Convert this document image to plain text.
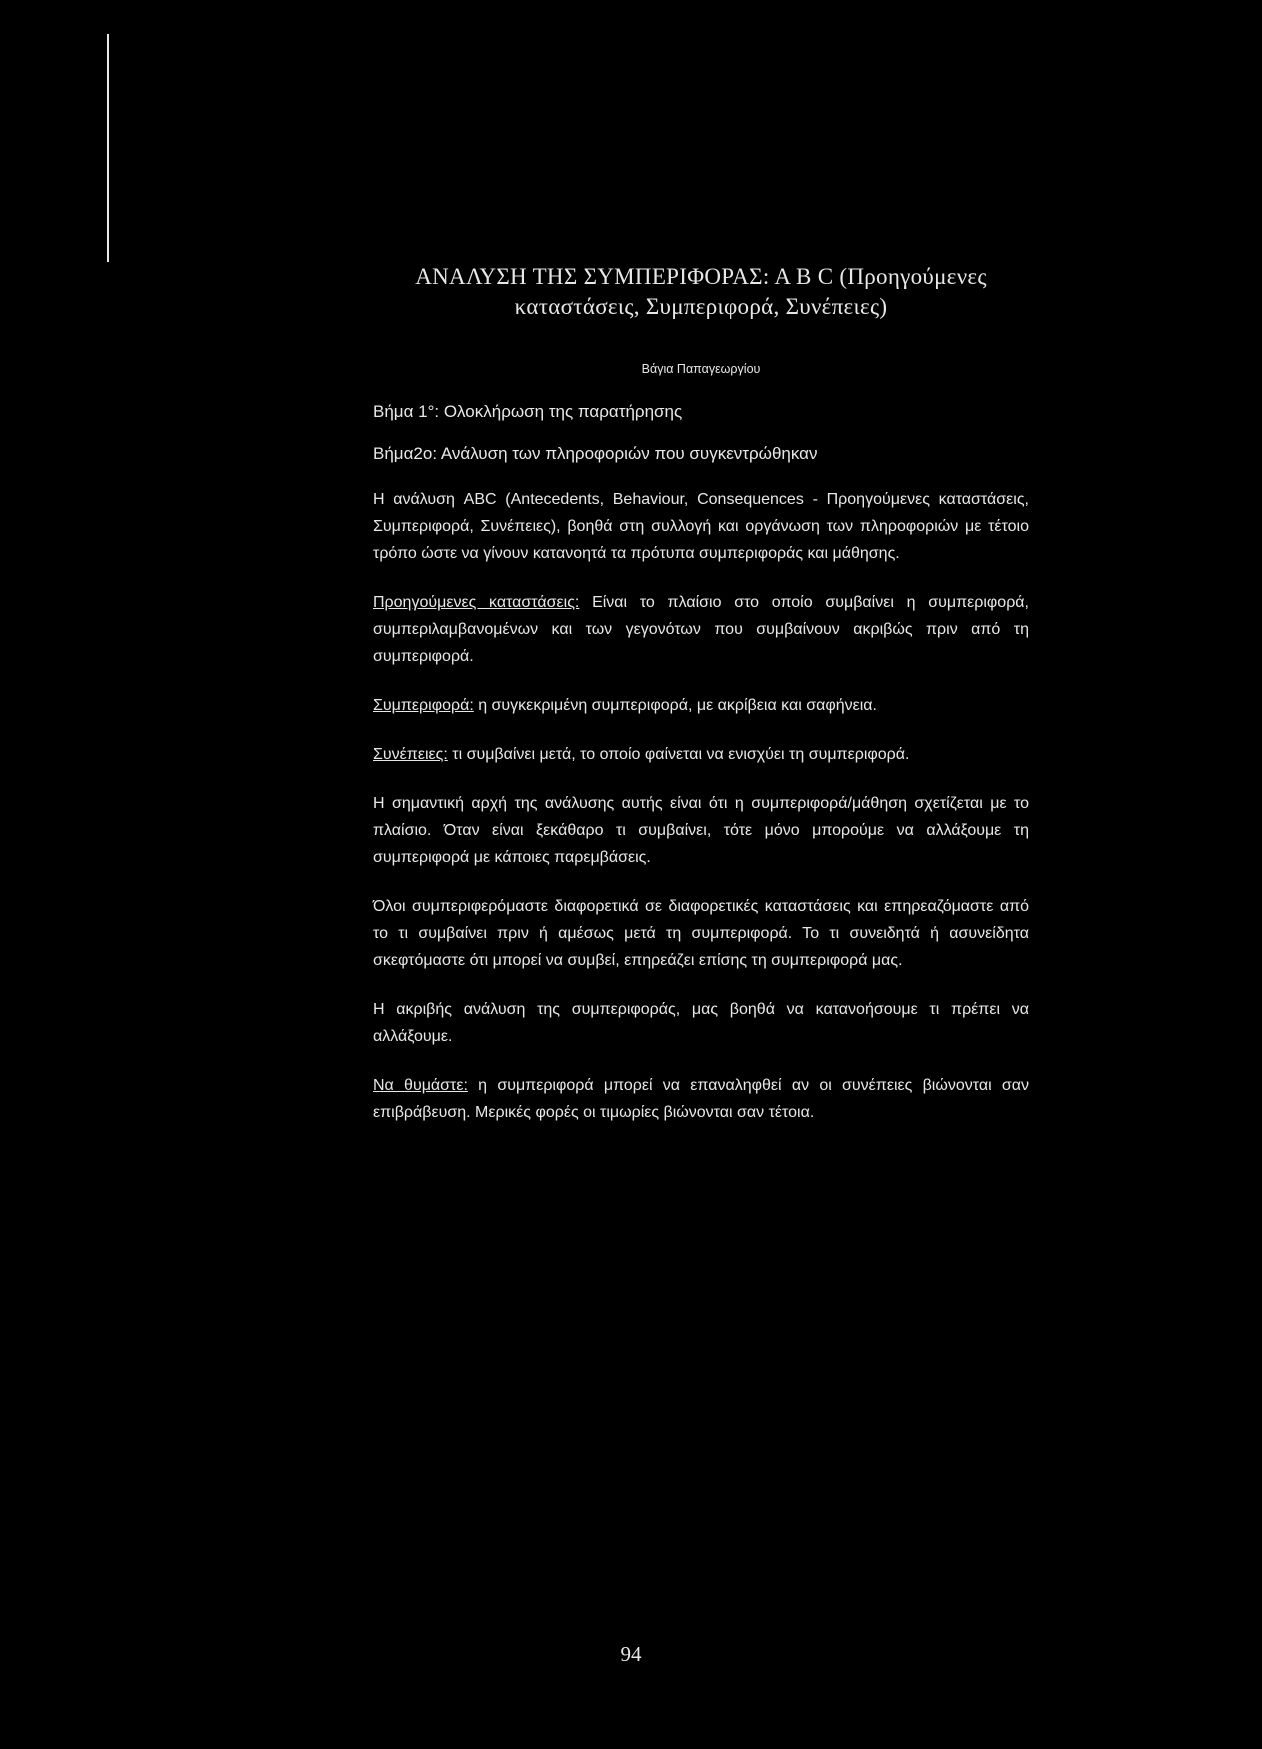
ΑΝΑΛΥΣΗ ΤΗΣ ΣΥΜΠΕΡΙΦΟΡΑΣ: Α Β C (Προηγούμενες καταστάσεις, Συμπεριφορά, Συνέπειες)

Βάγια Παπαγεωργίου

Βήμα 1°: Ολοκλήρωση της παρατήρησης

Βήμα2ο: Ανάλυση των πληροφοριών που συγκεντρώθηκαν

Η ανάλυση ABC (Antecedents, Behaviour, Consequences - Προηγούμενες καταστάσεις, Συμπεριφορά, Συνέπειες), βοηθά στη συλλογή και οργάνωση των πληροφοριών με τέτοιο τρόπο ώστε να γίνουν κατανοητά τα πρότυπα συμπεριφοράς και μάθησης.

Προηγούμενες καταστάσεις: Είναι το πλαίσιο στο οποίο συμβαίνει η συμπεριφορά, συμπεριλαμβανομένων και των γεγονότων που συμβαίνουν ακριβώς πριν από τη συμπεριφορά.

Συμπεριφορά: η συγκεκριμένη συμπεριφορά, με ακρίβεια και σαφήνεια.

Συνέπειες: τι συμβαίνει μετά, το οποίο φαίνεται να ενισχύει τη συμπεριφορά.

Η σημαντική αρχή της ανάλυσης αυτής είναι ότι η συμπεριφορά/μάθηση σχετίζεται με το πλαίσιο. Όταν είναι ξεκάθαρο τι συμβαίνει, τότε μόνο μπορούμε να αλλάξουμε τη συμπεριφορά με κάποιες παρεμβάσεις.

Όλοι συμπεριφερόμαστε διαφορετικά σε διαφορετικές καταστάσεις και επηρεαζόμαστε από το τι συμβαίνει πριν ή αμέσως μετά τη συμπεριφορά. Το τι συνειδητά ή ασυνείδητα σκεφτόμαστε ότι μπορεί να συμβεί, επηρεάζει επίσης τη συμπεριφορά μας.

Η ακριβής ανάλυση της συμπεριφοράς, μας βοηθά να κατανοήσουμε τι πρέπει να αλλάξουμε.

Να θυμάστε: η συμπεριφορά μπορεί να επαναληφθεί αν οι συνέπειες βιώνονται σαν επιβράβευση. Μερικές φορές οι τιμωρίες βιώνονται σαν τέτοια.

94
